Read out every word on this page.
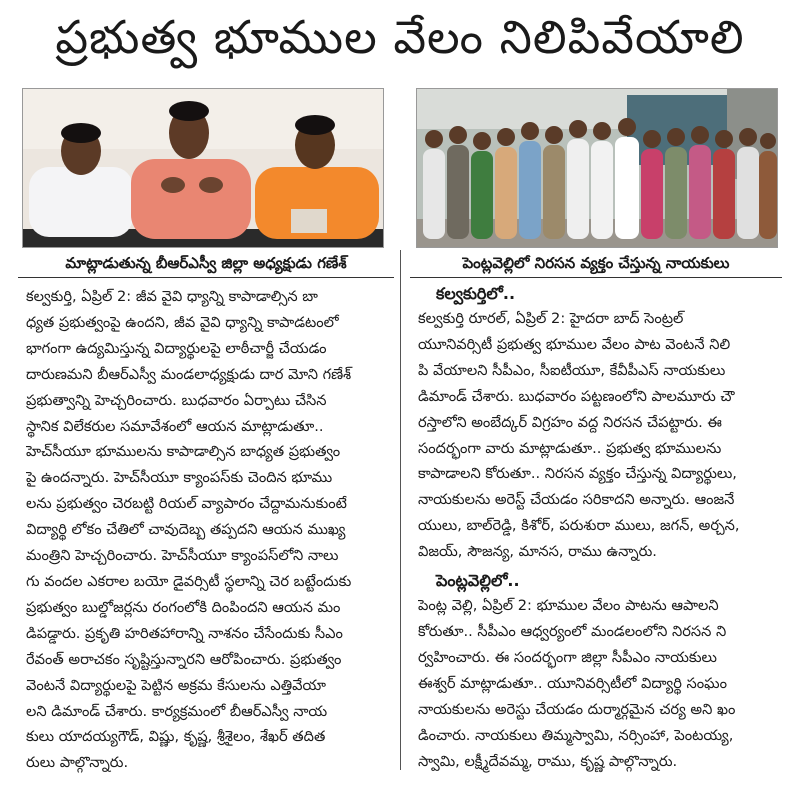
ప్రభుత్వ భూముల వేలం నిలిపివేయాలి
మాట్లాడుతున్న బీఆర్‌ఎస్వీ జిల్లా అధ్యక్షుడు గణేశ్
కల్వకుర్తి, ఏప్రిల్ 2: జీవ వైవి ధ్యాన్ని కాపాడాల్సిన బా
ధ్యత ప్రభుత్వంపై ఉందని, జీవ వైవి ధ్యాన్ని కాపాడటంలో
భాగంగా ఉద్యమిస్తున్న విద్యార్థులపై లాఠీచార్జీ చేయడం
దారుణమని బీఆర్‌ఎస్వీ మండలాధ్యక్షుడు దార మోని గణేశ్
ప్రభుత్వాన్ని హెచ్చరించారు. బుధవారం ఏర్పాటు చేసిన
స్థానిక విలేకరుల సమావేశంలో ఆయన మాట్లాడుతూ..
హెచ్‌సీయూ భూములను కాపాడాల్సిన బాధ్యత ప్రభుత్వం
పై ఉందన్నారు. హెచ్‌సీయూ క్యాంపస్‌కు చెందిన భూము
లను ప్రభుత్వం చెరబట్టి రియల్ వ్యాపారం చేద్దామనుకుంటే
విద్యార్థి లోకం చేతిలో చావుదెబ్బ తప్పదని ఆయన ముఖ్య
మంత్రిని హెచ్చరించారు. హెచ్‌సీయూ క్యాంపస్‌లోని నాలు
గు వందల ఎకరాల బయో డైవర్సిటీ స్థలాన్ని చెర బట్టేందుకు
ప్రభుత్వం బుల్డోజర్లను రంగంలోకి దింపిందని ఆయన మం
డిపడ్డారు. ప్రకృతి హరితహారాన్ని నాశనం చేసేందుకు సీఎం
రేవంత్ అరాచకం సృష్టిస్తున్నారని ఆరోపించారు. ప్రభుత్వం
వెంటనే విద్యార్థులపై పెట్టిన అక్రమ కేసులను ఎత్తివేయా
లని డిమాండ్ చేశారు. కార్యక్రమంలో బీఆర్‌ఎస్వీ నాయ
కులు యాదయ్యగౌడ్, విష్ణు, కృష్ణ, శ్రీశైలం, శేఖర్ తదిత
రులు పాల్గొన్నారు.
పెంట్లవెల్లిలో నిరసన వ్యక్తం చేస్తున్న నాయకులు
కల్వకుర్తిలో..
కల్వకుర్తి రూరల్, ఏప్రిల్ 2: హైదరా బాద్ సెంట్రల్
యూనివర్సిటీ ప్రభుత్వ భూముల వేలం పాట వెంటనే నిలి
పి వేయాలని సీపీఎం, సీఐటీయూ, కేవీపీఎస్ నాయకులు
డిమాండ్ చేశారు. బుధవారం పట్టణంలోని పాలమూరు చౌ
రస్తాలోని అంబేద్కర్ విగ్రహం వద్ద నిరసన చేపట్టారు. ఈ
సందర్భంగా వారు మాట్లాడుతూ.. ప్రభుత్వ భూములను
కాపాడాలని కోరుతూ.. నిరసన వ్యక్తం చేస్తున్న విద్యార్థులు,
నాయకులను అరెస్ట్ చేయడం సరికాదని అన్నారు. ఆంజనే
యులు, బాల్‌రెడ్డి, కిశోర్, పరుశురా ములు, జగన్, అర్చన,
విజయ్, సౌజన్య, మానస, రాము ఉన్నారు.
పెంట్లవెల్లిలో..
పెంట్ల వెల్లి, ఏప్రిల్ 2: భూముల వేలం పాటను ఆపాలని
కోరుతూ.. సీపీఎం ఆధ్వర్యంలో మండలంలోని నిరసన ని
ర్వహించారు. ఈ సందర్భంగా జిల్లా సీపీఎం నాయకులు
ఈశ్వర్ మాట్లాడుతూ.. యూనివర్సిటీలో విద్యార్థి సంఘం
నాయకులను అరెస్టు చేయడం దుర్మార్గమైన చర్య అని ఖం
డించారు. నాయకులు తిమ్మస్వామి, నర్సింహా, పెంటయ్య,
స్వామి, లక్ష్మీదేవమ్మ, రాము, కృష్ణ పాల్గొన్నారు.
